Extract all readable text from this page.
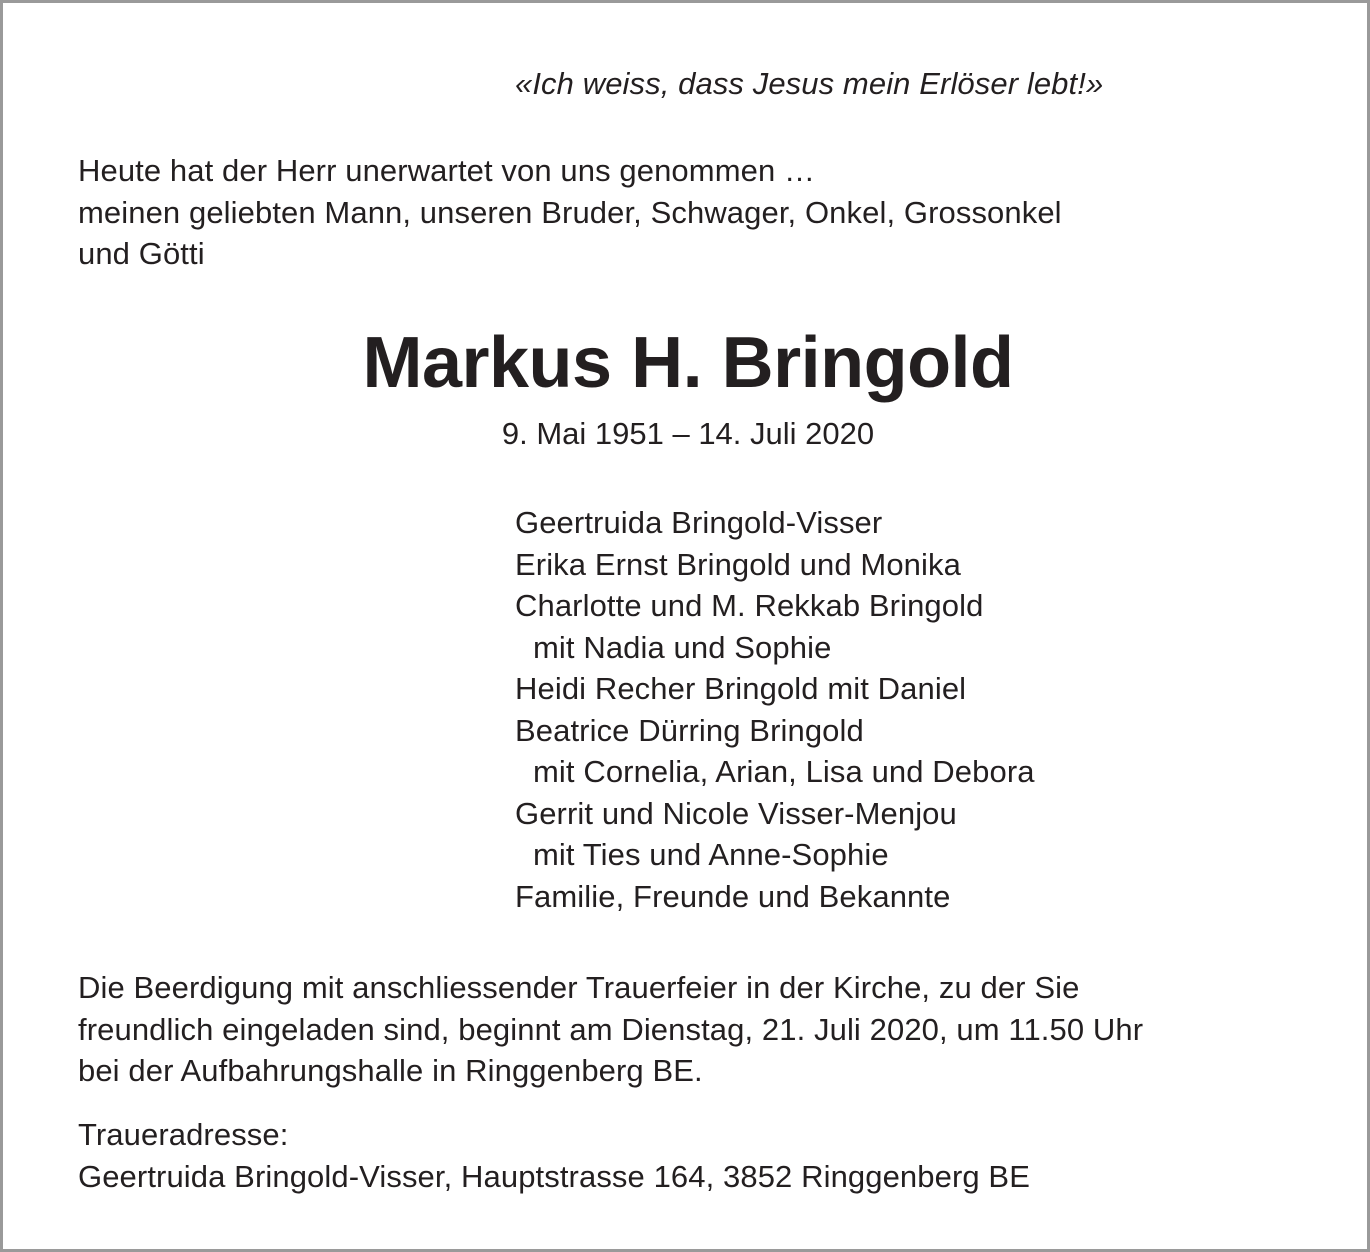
«Ich weiss, dass Jesus mein Erlöser lebt!»
Heute hat der Herr unerwartet von uns genommen …
meinen geliebten Mann, unseren Bruder, Schwager, Onkel, Grossonkel
und Götti
Markus H. Bringold
9. Mai 1951 – 14. Juli 2020
Geertruida Bringold-Visser
Erika Ernst Bringold und Monika
Charlotte und M. Rekkab Bringold
mit Nadia und Sophie
Heidi Recher Bringold mit Daniel
Beatrice Dürring Bringold
mit Cornelia, Arian, Lisa und Debora
Gerrit und Nicole Visser-Menjou
mit Ties und Anne-Sophie
Familie, Freunde und Bekannte
Die Beerdigung mit anschliessender Trauerfeier in der Kirche, zu der Sie
freundlich eingeladen sind, beginnt am Dienstag, 21. Juli 2020, um 11.50 Uhr
bei der Aufbahrungshalle in Ringgenberg BE.
Traueradresse:
Geertruida Bringold-Visser, Hauptstrasse 164, 3852 Ringgenberg BE
